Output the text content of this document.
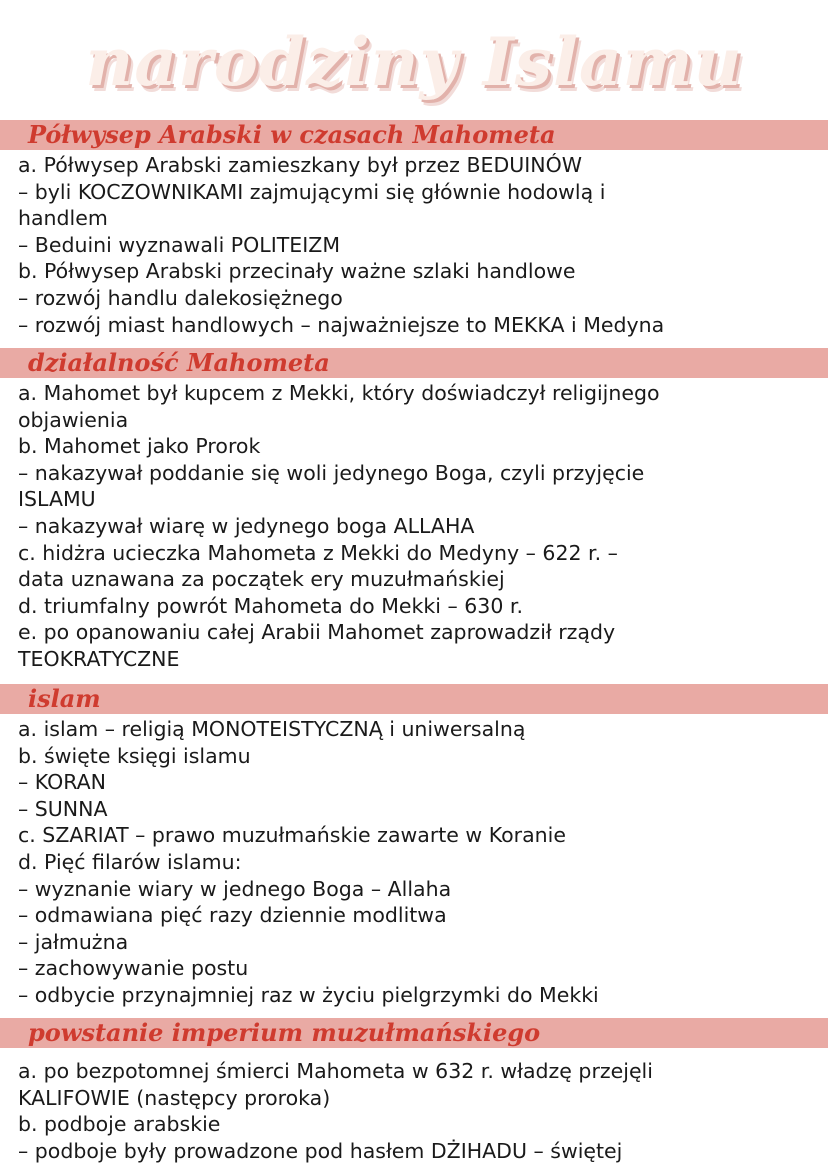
narodziny Islamu
Półwysep Arabski w czasach Mahometa
a. Półwysep Arabski zamieszkany był przez BEDUINÓW
– byli KOCZOWNIKAMI zajmującymi się głównie hodowlą i
handlem
– Beduini wyznawali POLITEIZM
b. Półwysep Arabski przecinały ważne szlaki handlowe
– rozwój handlu dalekosiężnego
– rozwój miast handlowych – najważniejsze to MEKKA i Medyna
działalność Mahometa
a. Mahomet był kupcem z Mekki, który doświadczył religijnego
objawienia
b. Mahomet jako Prorok
– nakazywał poddanie się woli jedynego Boga, czyli przyjęcie
ISLAMU
– nakazywał wiarę w jedynego boga ALLAHA
c. hidżra ucieczka Mahometa z Mekki do Medyny – 622 r. –
data uznawana za początek ery muzułmańskiej
d. triumfalny powrót Mahometa do Mekki – 630 r.
e. po opanowaniu całej Arabii Mahomet zaprowadził rządy
TEOKRATYCZNE
islam
a. islam – religią MONOTEISTYCZNĄ i uniwersalną
b. święte księgi islamu
– KORAN
– SUNNA
c. SZARIAT – prawo muzułmańskie zawarte w Koranie
d. Pięć filarów islamu:
– wyznanie wiary w jednego Boga – Allaha
– odmawiana pięć razy dziennie modlitwa
– jałmużna
– zachowywanie postu
– odbycie przynajmniej raz w życiu pielgrzymki do Mekki
powstanie imperium muzułmańskiego
a. po bezpotomnej śmierci Mahometa w 632 r. władzę przejęli
KALIFOWIE (następcy proroka)
b. podboje arabskie
– podboje były prowadzone pod hasłem DŻIHADU – świętej
